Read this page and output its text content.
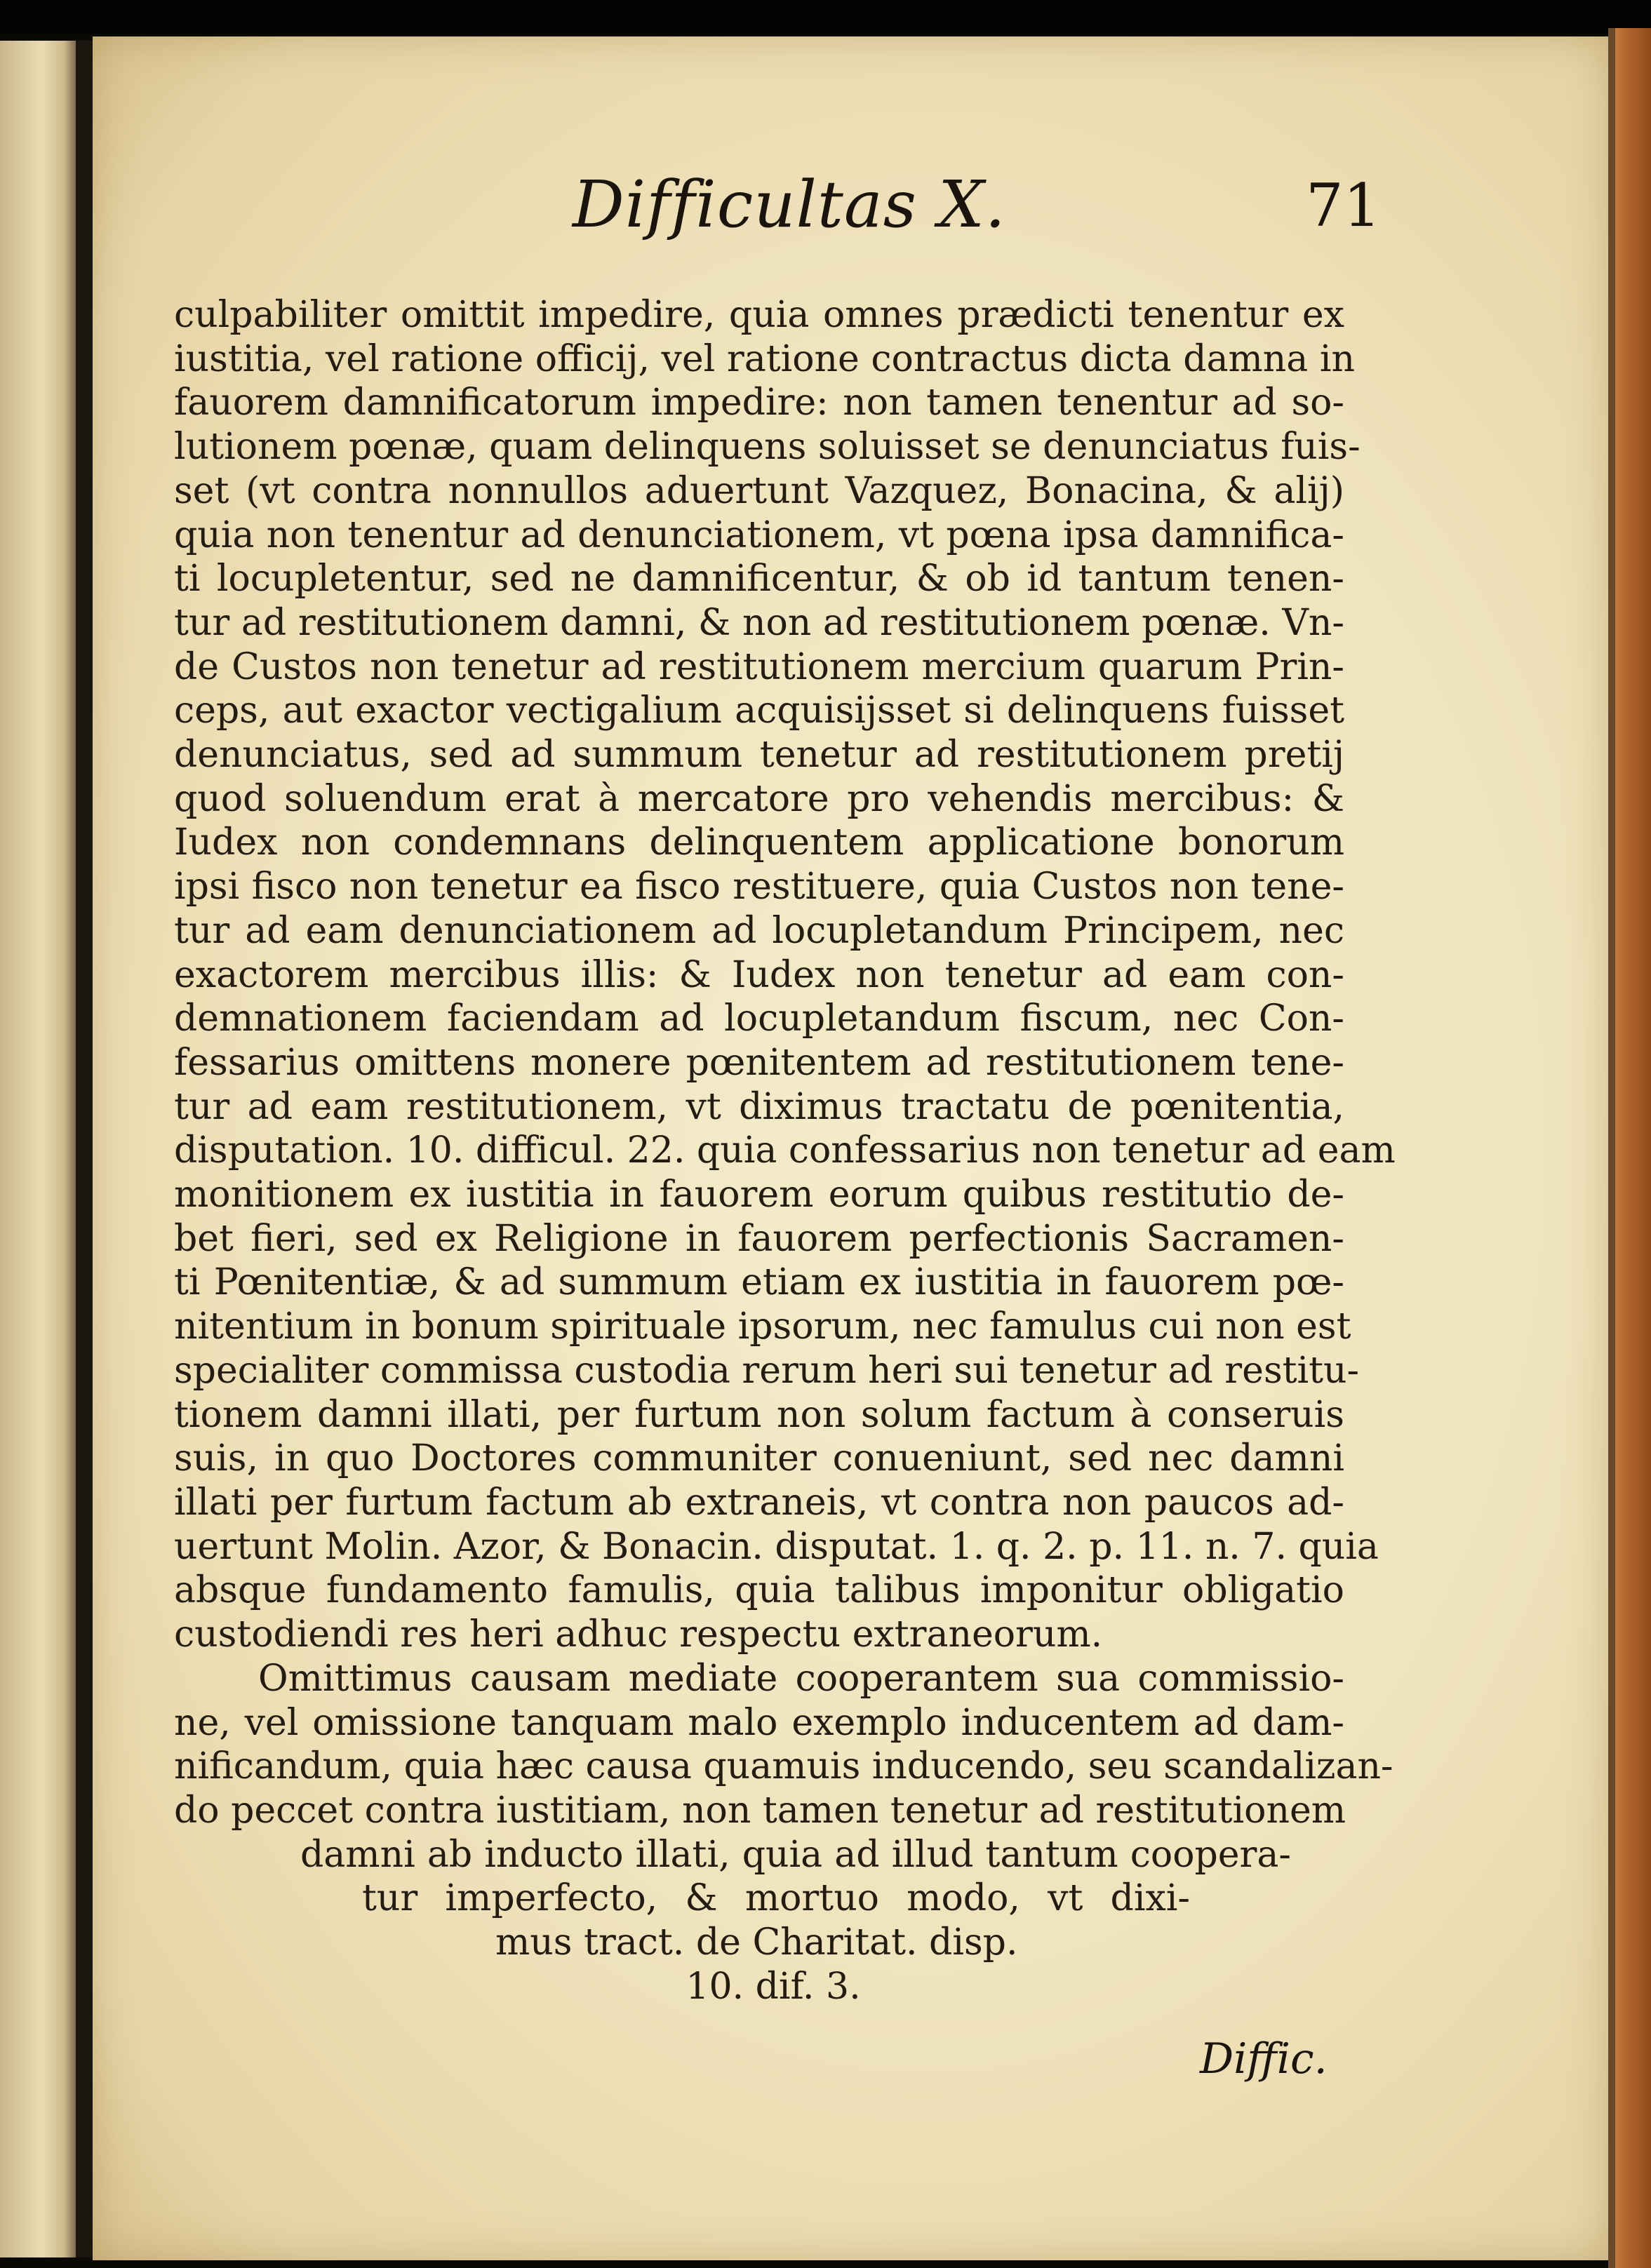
Difficultas X.	71
culpabiliter omittit impedire, quia omnes prædicti tenentur ex
iustitia, vel ratione officij, vel ratione contractus dicta damna in
fauorem damnificatorum impedire: non tamen tenentur ad so-
lutionem pœnæ, quam delinquens soluisset se denunciatus fuis-
set (vt contra nonnullos aduertunt Vazquez, Bonacina, & alij)
quia non tenentur ad denunciationem, vt pœna ipsa damnifica-
ti locupletentur, sed ne damnificentur, & ob id tantum tenen-
tur ad restitutionem damni, & non ad restitutionem pœnæ. Vn-
de Custos non tenetur ad restitutionem mercium quarum Prin-
ceps, aut exactor vectigalium acquisijsset si delinquens fuisset
denunciatus, sed ad summum tenetur ad restitutionem pretij
quod soluendum erat à mercatore pro vehendis mercibus: &
Iudex non condemnans delinquentem applicatione bonorum
ipsi fisco non tenetur ea fisco restituere, quia Custos non tene-
tur ad eam denunciationem ad locupletandum Principem, nec
exactorem mercibus illis: & Iudex non tenetur ad eam con-
demnationem faciendam ad locupletandum fiscum, nec Con-
fessarius omittens monere pœnitentem ad restitutionem tene-
tur ad eam restitutionem, vt diximus tractatu de pœnitentia,
disputation. 10. difficul. 22. quia confessarius non tenetur ad eam
monitionem ex iustitia in fauorem eorum quibus restitutio de-
bet fieri, sed ex Religione in fauorem perfectionis Sacramen-
ti Pœnitentiæ, & ad summum etiam ex iustitia in fauorem pœ-
nitentium in bonum spirituale ipsorum, nec famulus cui non est
specialiter commissa custodia rerum heri sui tenetur ad restitu-
tionem damni illati, per furtum non solum factum à conseruis
suis, in quo Doctores communiter conueniunt, sed nec damni
illati per furtum factum ab extraneis, vt contra non paucos ad-
uertunt Molin. Azor, & Bonacin. disputat. 1. q. 2. p. 11. n. 7. quia
absque fundamento famulis, quia talibus imponitur obligatio
custodiendi res heri adhuc respectu extraneorum.
Omittimus causam mediate cooperantem sua commissio-
ne, vel omissione tanquam malo exemplo inducentem ad dam-
nificandum, quia hæc causa quamuis inducendo, seu scandalizan-
do peccet contra iustitiam, non tamen tenetur ad restitutionem
damni ab inducto illati, quia ad illud tantum coopera-
tur imperfecto, & mortuo modo, vt dixi-
mus tract. de Charitat. disp.
10. dif. 3.
Diffic.
